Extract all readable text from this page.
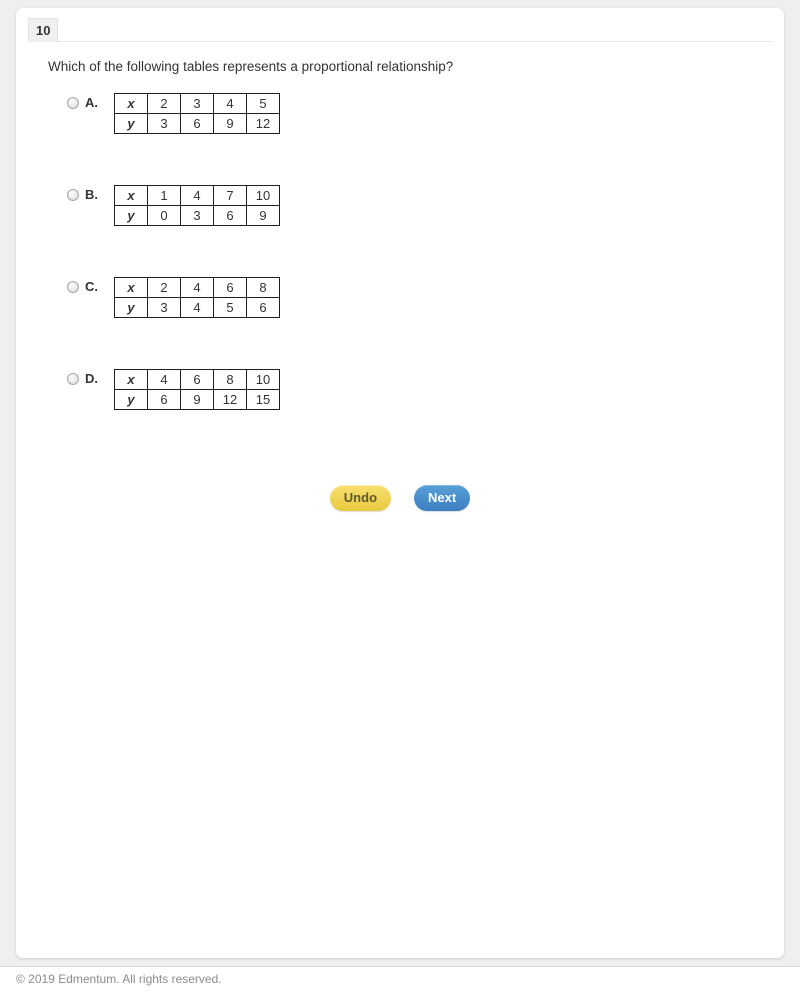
10
Which of the following tables represents a proportional relationship?
A. x	2	3	4	5
y	3	6	9	12
B. x	1	4	7	10
y	0	3	6	9
C. x	2	4	6	8
y	3	4	5	6
D. x	4	6	8	10
y	6	9	12	15
Undo	Next
© 2019 Edmentum. All rights reserved.
